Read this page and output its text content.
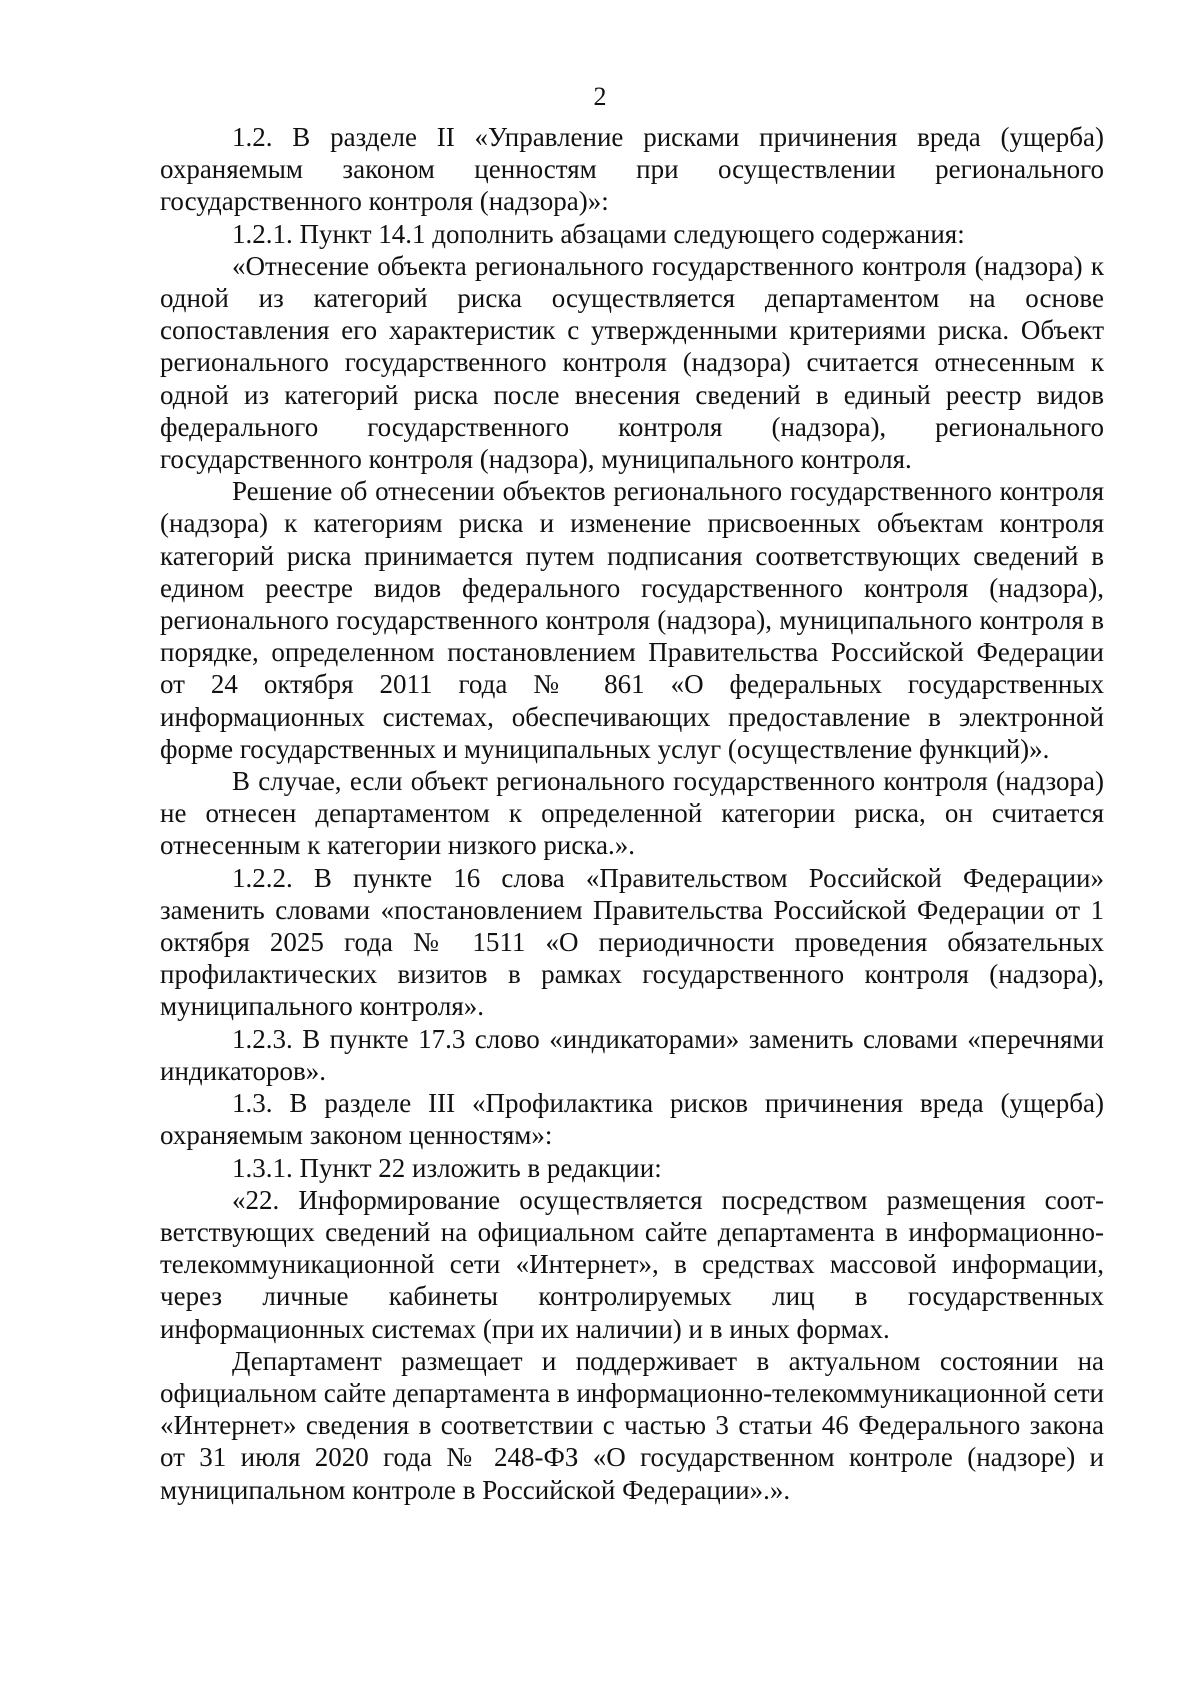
2

1.2. В разделе II «Управление рисками причинения вреда (ущерба) охраняемым законом ценностям при осуществлении регионального государственного контроля (надзора)»:

1.2.1. Пункт 14.1 дополнить абзацами следующего содержания:

«Отнесение объекта регионального государственного контроля (надзора) к одной из категорий риска осуществляется департаментом на основе сопоставления его характеристик с утвержденными критериями риска. Объект регионального государственного контроля (надзора) считается отнесенным к одной из категорий риска после внесения сведений в единый реестр видов федерального государственного контроля (надзора), регионального государственного контроля (надзора), муниципального контроля.

Решение об отнесении объектов регионального государственного контроля (надзора) к категориям риска и изменение присвоенных объектам контроля категорий риска принимается путем подписания соответствующих сведений в едином реестре видов федерального государственного контроля (надзора), регионального государственного контроля (надзора), муниципального контроля в порядке, определенном постановлением Правительства Российской Федерации от 24 октября 2011 года № 861 «О федеральных государственных информационных системах, обеспечивающих предоставление в электронной форме государственных и муниципальных услуг (осуществление функций)».

В случае, если объект регионального государственного контроля (надзора) не отнесен департаментом к определенной категории риска, он считается отнесенным к категории низкого риска.».

1.2.2. В пункте 16 слова «Правительством Российской Федерации» заменить словами «постановлением Правительства Российской Федерации от 1 октября 2025 года № 1511 «О периодичности проведения обязательных профилактических визитов в рамках государственного контроля (надзора), муниципального контроля».

1.2.3. В пункте 17.3 слово «индикаторами» заменить словами «перечнями индикаторов».

1.3. В разделе III «Профилактика рисков причинения вреда (ущерба) охраняемым законом ценностям»:

1.3.1. Пункт 22 изложить в редакции:

«22. Информирование осуществляется посредством размещения соответствующих сведений на официальном сайте департамента в информационно-телекоммуникационной сети «Интернет», в средствах массовой информации, через личные кабинеты контролируемых лиц в государственных информационных системах (при их наличии) и в иных формах.

Департамент размещает и поддерживает в актуальном состоянии на официальном сайте департамента в информационно-телекоммуникационной сети «Интернет» сведения в соответствии с частью 3 статьи 46 Федерального закона от 31 июля 2020 года № 248-ФЗ «О государственном контроле (надзоре) и муниципальном контроле в Российской Федерации».».
